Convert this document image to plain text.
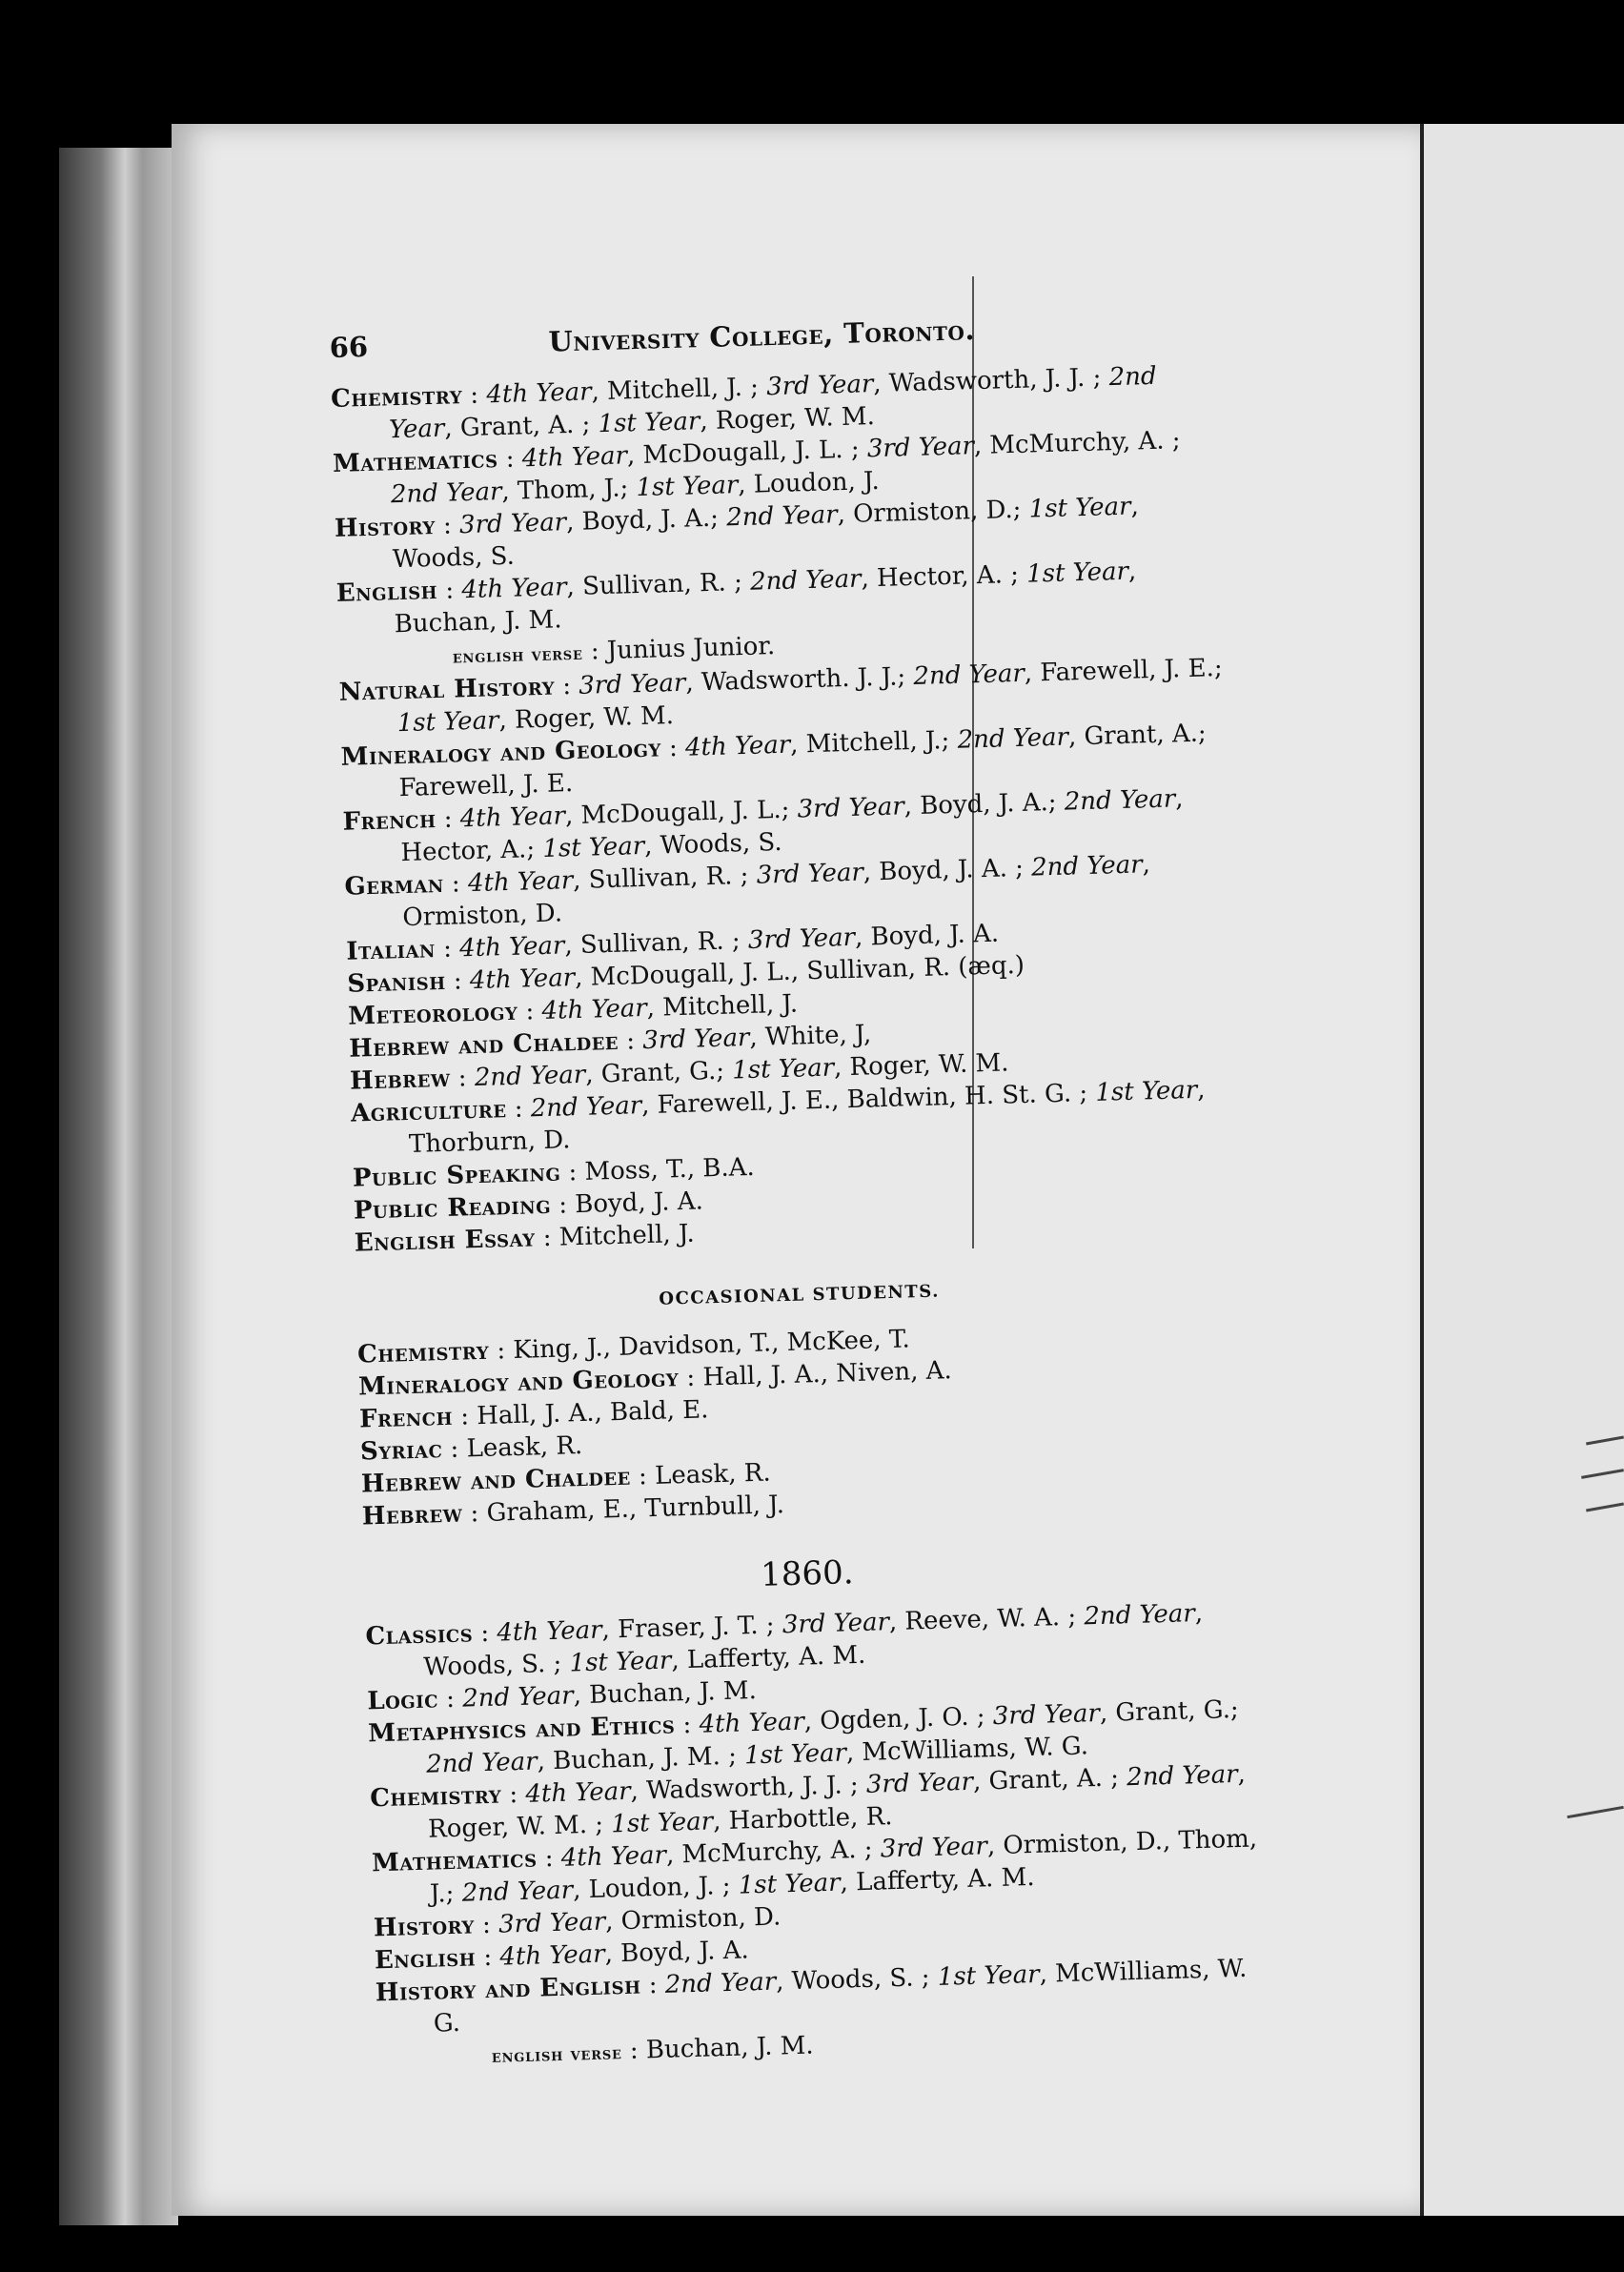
66	University College, Toronto.

Chemistry : 4th Year, Mitchell, J. ; 3rd Year, Wadsworth, J. J. ; 2nd Year, Grant, A. ; 1st Year, Roger, W. M.

Mathematics : 4th Year, McDougall, J. L. ; 3rd Year, McMurchy, A. ; 2nd Year, Thom, J.; 1st Year, Loudon, J.

History : 3rd Year, Boyd, J. A.; 2nd Year, Ormiston, D.; 1st Year, Woods, S.

English : 4th Year, Sullivan, R. ; 2nd Year, Hector, A. ; 1st Year, Buchan, J. M.

english verse : Junius Junior.

Natural History : 3rd Year, Wadsworth. J. J.; 2nd Year, Farewell, J. E.; 1st Year, Roger, W. M.

Mineralogy and Geology : 4th Year, Mitchell, J.; 2nd Year, Grant, A.; Farewell, J. E.

French : 4th Year, McDougall, J. L.; 3rd Year, Boyd, J. A.; 2nd Year, Hector, A.; 1st Year, Woods, S.

German : 4th Year, Sullivan, R. ; 3rd Year, Boyd, J. A. ; 2nd Year, Ormiston, D.

Italian : 4th Year, Sullivan, R. ; 3rd Year, Boyd, J. A.

Spanish : 4th Year, McDougall, J. L., Sullivan, R. (æq.)

Meteorology : 4th Year, Mitchell, J.

Hebrew and Chaldee : 3rd Year, White, J,

Hebrew : 2nd Year, Grant, G.; 1st Year, Roger, W. M.

Agriculture : 2nd Year, Farewell, J. E., Baldwin, H. St. G. ; 1st Year, Thorburn, D.

Public Speaking : Moss, T., B.A.

Public Reading : Boyd, J. A.

English Essay : Mitchell, J.

OCCASIONAL STUDENTS.

Chemistry : King, J., Davidson, T., McKee, T.

Mineralogy and Geology : Hall, J. A., Niven, A.

French : Hall, J. A., Bald, E.

Syriac : Leask, R.

Hebrew and Chaldee : Leask, R.

Hebrew : Graham, E., Turnbull, J.

1860.

Classics : 4th Year, Fraser, J. T. ; 3rd Year, Reeve, W. A. ; 2nd Year, Woods, S. ; 1st Year, Lafferty, A. M.

Logic : 2nd Year, Buchan, J. M.

Metaphysics and Ethics : 4th Year, Ogden, J. O. ; 3rd Year, Grant, G.; 2nd Year, Buchan, J. M. ; 1st Year, McWilliams, W. G.

Chemistry : 4th Year, Wadsworth, J. J. ; 3rd Year, Grant, A. ; 2nd Year, Roger, W. M. ; 1st Year, Harbottle, R.

Mathematics : 4th Year, McMurchy, A. ; 3rd Year, Ormiston, D., Thom, J.; 2nd Year, Loudon, J. ; 1st Year, Lafferty, A. M.

History : 3rd Year, Ormiston, D.

English : 4th Year, Boyd, J. A.

History and English : 2nd Year, Woods, S. ; 1st Year, McWilliams, W. G.

english verse : Buchan, J. M.
